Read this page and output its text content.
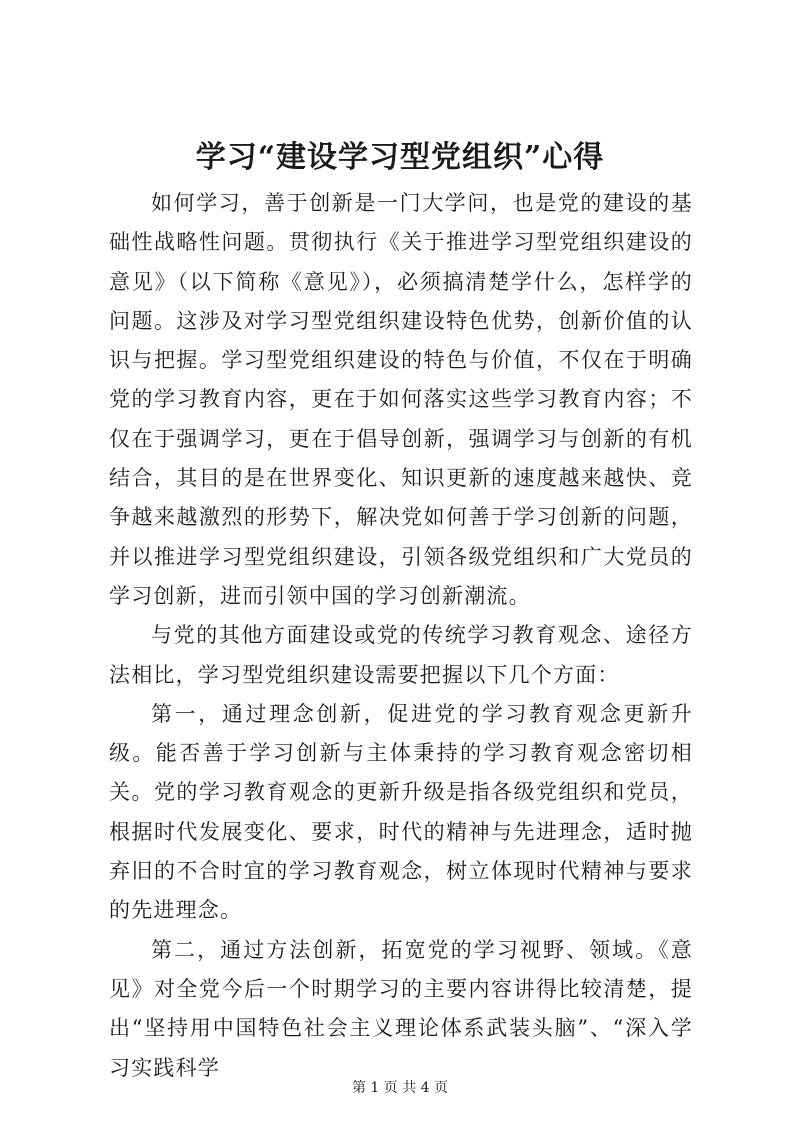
学习“建设学习型党组织”心得

如何学习，善于创新是一门大学问，也是党的建设的基础性战略性问题。贯彻执行《关于推进学习型党组织建设的意见》（以下简称《意见》），必须搞清楚学什么，怎样学的问题。这涉及对学习型党组织建设特色优势，创新价值的认识与把握。学习型党组织建设的特色与价值，不仅在于明确党的学习教育内容，更在于如何落实这些学习教育内容；不仅在于强调学习，更在于倡导创新，强调学习与创新的有机结合，其目的是在世界变化、知识更新的速度越来越快、竞争越来越激烈的形势下，解决党如何善于学习创新的问题，并以推进学习型党组织建设，引领各级党组织和广大党员的学习创新，进而引领中国的学习创新潮流。

与党的其他方面建设或党的传统学习教育观念、途径方法相比，学习型党组织建设需要把握以下几个方面：

第一，通过理念创新，促进党的学习教育观念更新升级。能否善于学习创新与主体秉持的学习教育观念密切相关。党的学习教育观念的更新升级是指各级党组织和党员，根据时代发展变化、要求，时代的精神与先进理念，适时抛弃旧的不合时宜的学习教育观念，树立体现时代精神与要求的先进理念。

第二，通过方法创新，拓宽党的学习视野、领域。《意见》对全党今后一个时期学习的主要内容讲得比较清楚，提出“坚持用中国特色社会主义理论体系武装头脑”、“深入学习实践科学

第 1 页 共 4 页
